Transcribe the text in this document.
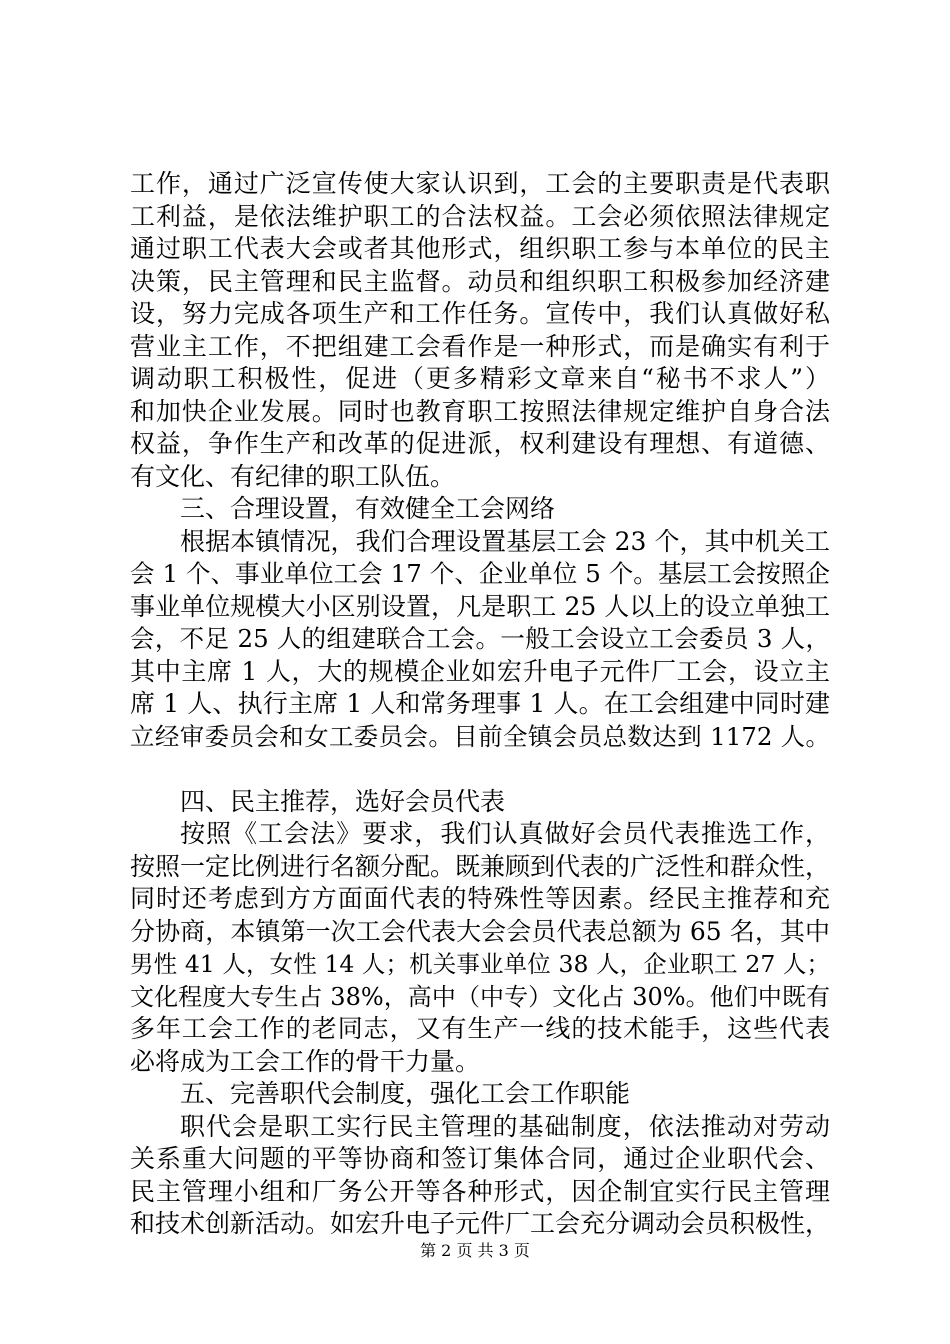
工作，通过广泛宣传使大家认识到，工会的主要职责是代表职
工利益，是依法维护职工的合法权益。工会必须依照法律规定
通过职工代表大会或者其他形式，组织职工参与本单位的民主
决策，民主管理和民主监督。动员和组织职工积极参加经济建
设，努力完成各项生产和工作任务。宣传中，我们认真做好私
营业主工作，不把组建工会看作是一种形式，而是确实有利于
调动职工积极性，促进（更多精彩文章来自“秘书不求人”）
和加快企业发展。同时也教育职工按照法律规定维护自身合法
权益，争作生产和改革的促进派，权利建设有理想、有道德、
有文化、有纪律的职工队伍。
三、合理设置，有效健全工会网络
根据本镇情况，我们合理设置基层工会 23 个，其中机关工
会 1 个、事业单位工会 17 个、企业单位 5 个。基层工会按照企
事业单位规模大小区别设置，凡是职工 25 人以上的设立单独工
会，不足 25 人的组建联合工会。一般工会设立工会委员 3 人，
其中主席 1 人，大的规模企业如宏升电子元件厂工会，设立主
席 1 人、执行主席 1 人和常务理事 1 人。在工会组建中同时建
立经审委员会和女工委员会。目前全镇会员总数达到 1172 人。
四、民主推荐，选好会员代表
按照《工会法》要求，我们认真做好会员代表推选工作，
按照一定比例进行名额分配。既兼顾到代表的广泛性和群众性，
同时还考虑到方方面面代表的特殊性等因素。经民主推荐和充
分协商，本镇第一次工会代表大会会员代表总额为 65 名，其中
男性 41 人，女性 14 人；机关事业单位 38 人，企业职工 27 人；
文化程度大专生占 38%，高中（中专）文化占 30%。他们中既有
多年工会工作的老同志，又有生产一线的技术能手，这些代表
必将成为工会工作的骨干力量。
五、完善职代会制度，强化工会工作职能
职代会是职工实行民主管理的基础制度，依法推动对劳动
关系重大问题的平等协商和签订集体合同，通过企业职代会、
民主管理小组和厂务公开等各种形式，因企制宜实行民主管理
和技术创新活动。如宏升电子元件厂工会充分调动会员积极性，
第 2 页 共 3 页
